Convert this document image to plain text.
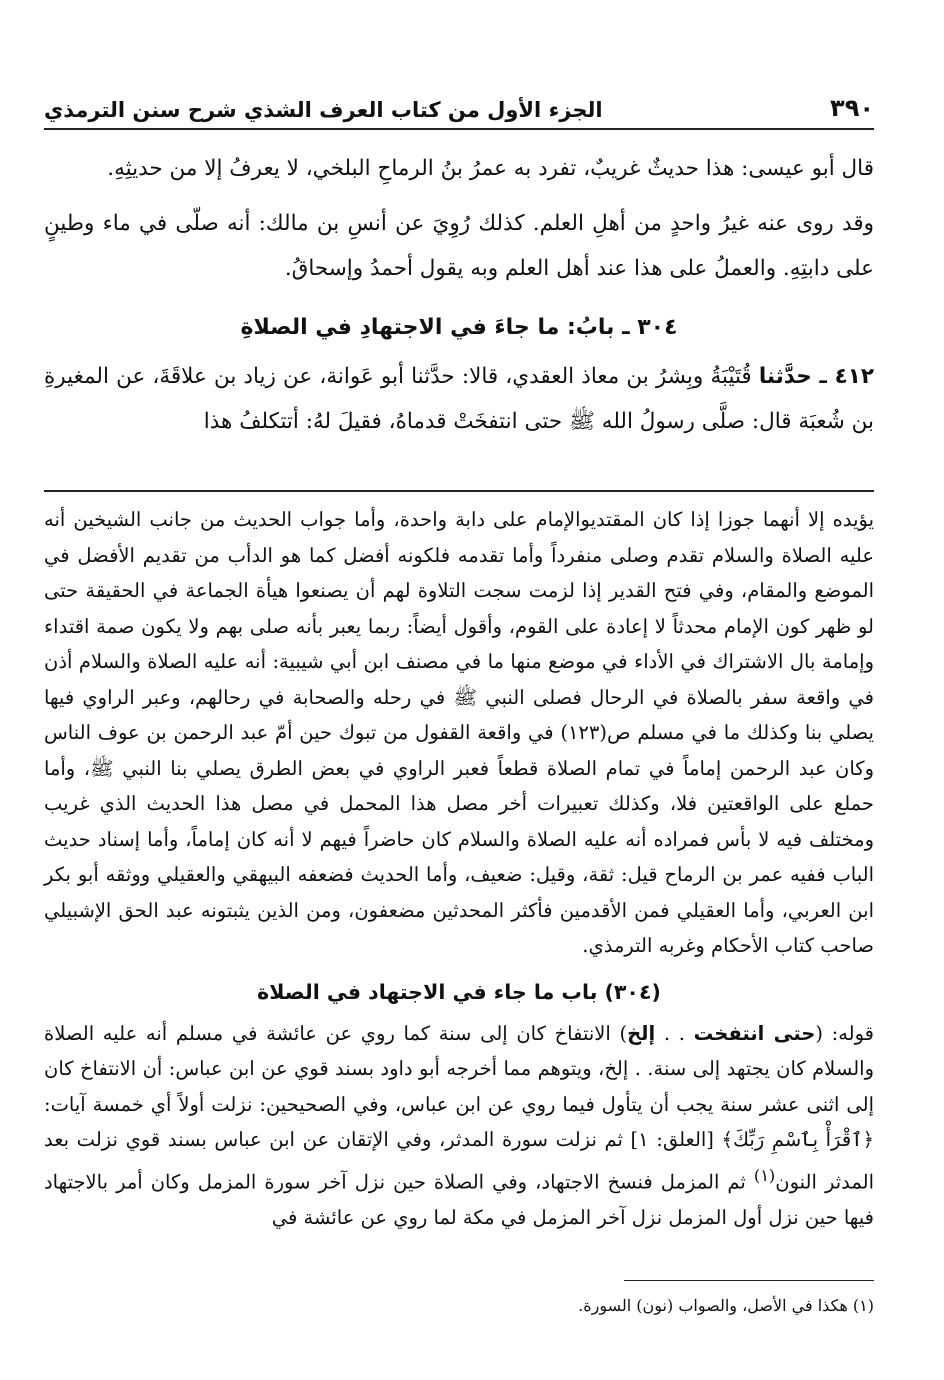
٣٩٠
الجزء الأول من كتاب العرف الشذي شرح سنن الترمذي

قال أبو عيسى: هذا حديثٌ غريبٌ، تفرد به عمرُ بنُ الرماحِ البلخي، لا يعرفُ إلا من حديثِهِ.

وقد روى عنه غيرُ واحدٍ من أهلِ العلم. كذلك رُوِيَ عن أنسِ بن مالك: أنه صلّى في ماء وطينٍ على دابتِهِ. والعملُ على هذا عند أهل العلم وبه يقول أحمدُ وإسحاقُ.

٣٠٤ ـ بابُ: ما جاءَ في الاجتهادِ في الصلاةِ

٤١٢ ـ حدَّثنا قُتَيْبَةُ وبِشرُ بن معاذ العقدي، قالا: حدَّثنا أبو عَوانة، عن زياد بن علاقَةَ، عن المغيرةِ بن شُعبَة قال: صلَّى رسولُ الله ﷺ حتى انتفخَتْ قدماهُ، فقيلَ لهُ: أتتكلفُ هذا

يؤيده إلا أنهما جوزا إذا كان المقتديوالإمام على دابة واحدة، وأما جواب الحديث من جانب الشيخين أنه عليه الصلاة والسلام تقدم وصلى منفرداً وأما تقدمه فلكونه أفضل كما هو الدأب من تقديم الأفضل في الموضع والمقام، وفي فتح القدير إذا لزمت سجت التلاوة لهم أن يصنعوا هيأة الجماعة في الحقيقة حتى لو ظهر كون الإمام محدثاً لا إعادة على القوم، وأقول أيضاً: ربما يعبر بأنه صلى بهم ولا يكون صمة اقتداء وإمامة بال الاشتراك في الأداء في موضع منها ما في مصنف ابن أبي شيبية: أنه عليه الصلاة والسلام أذن في واقعة سفر بالصلاة في الرحال فصلى النبي ﷺ في رحله والصحابة في رحالهم، وعبر الراوي فيها يصلي بنا وكذلك ما في مسلم ص(١٢٣) في واقعة القفول من تبوك حين أمّ عبد الرحمن بن عوف الناس وكان عبد الرحمن إماماً في تمام الصلاة قطعاً فعبر الراوي في بعض الطرق يصلي بنا النبي ﷺ، وأما حملع على الواقعتين فلا، وكذلك تعبيرات أخر مصل هذا المحمل في مصل هذا الحديث الذي غريب ومختلف فيه لا بأس فمراده أنه عليه الصلاة والسلام كان حاضراً فيهم لا أنه كان إماماً، وأما إسناد حديث الباب ففيه عمر بن الرماح قيل: ثقة، وقيل: ضعيف، وأما الحديث فضعفه البيهقي والعقيلي ووثقه أبو بكر ابن العربي، وأما العقيلي فمن الأقدمين فأكثر المحدثين مضعفون، ومن الذين يثبتونه عبد الحق الإشبيلي صاحب كتاب الأحكام وغربه الترمذي.

(٣٠٤) باب ما جاء في الاجتهاد في الصلاة

قوله: (حتى انتفخت . . إلخ) الانتفاخ كان إلى سنة كما روي عن عائشة في مسلم أنه عليه الصلاة والسلام كان يجتهد إلى سنة. . إلخ، ويتوهم مما أخرجه أبو داود بسند قوي عن ابن عباس: أن الانتفاخ كان إلى اثنى عشر سنة يجب أن يتأول فيما روي عن ابن عباس، وفي الصحيحين: نزلت أولاً أي خمسة آيات: ﴿ٱقْرَأْ بِٱسْمِ رَبِّكَ﴾ [العلق: ١] ثم نزلت سورة المدثر، وفي الإتقان عن ابن عباس بسند قوي نزلت بعد المدثر النون$^{(١)}$ ثم المزمل فنسخ الاجتهاد، وفي الصلاة حين نزل آخر سورة المزمل وكان أمر بالاجتهاد فيها حين نزل أول المزمل نزل آخر المزمل في مكة لما روي عن عائشة في

(١) هكذا في الأصل، والصواب (نون) السورة.
